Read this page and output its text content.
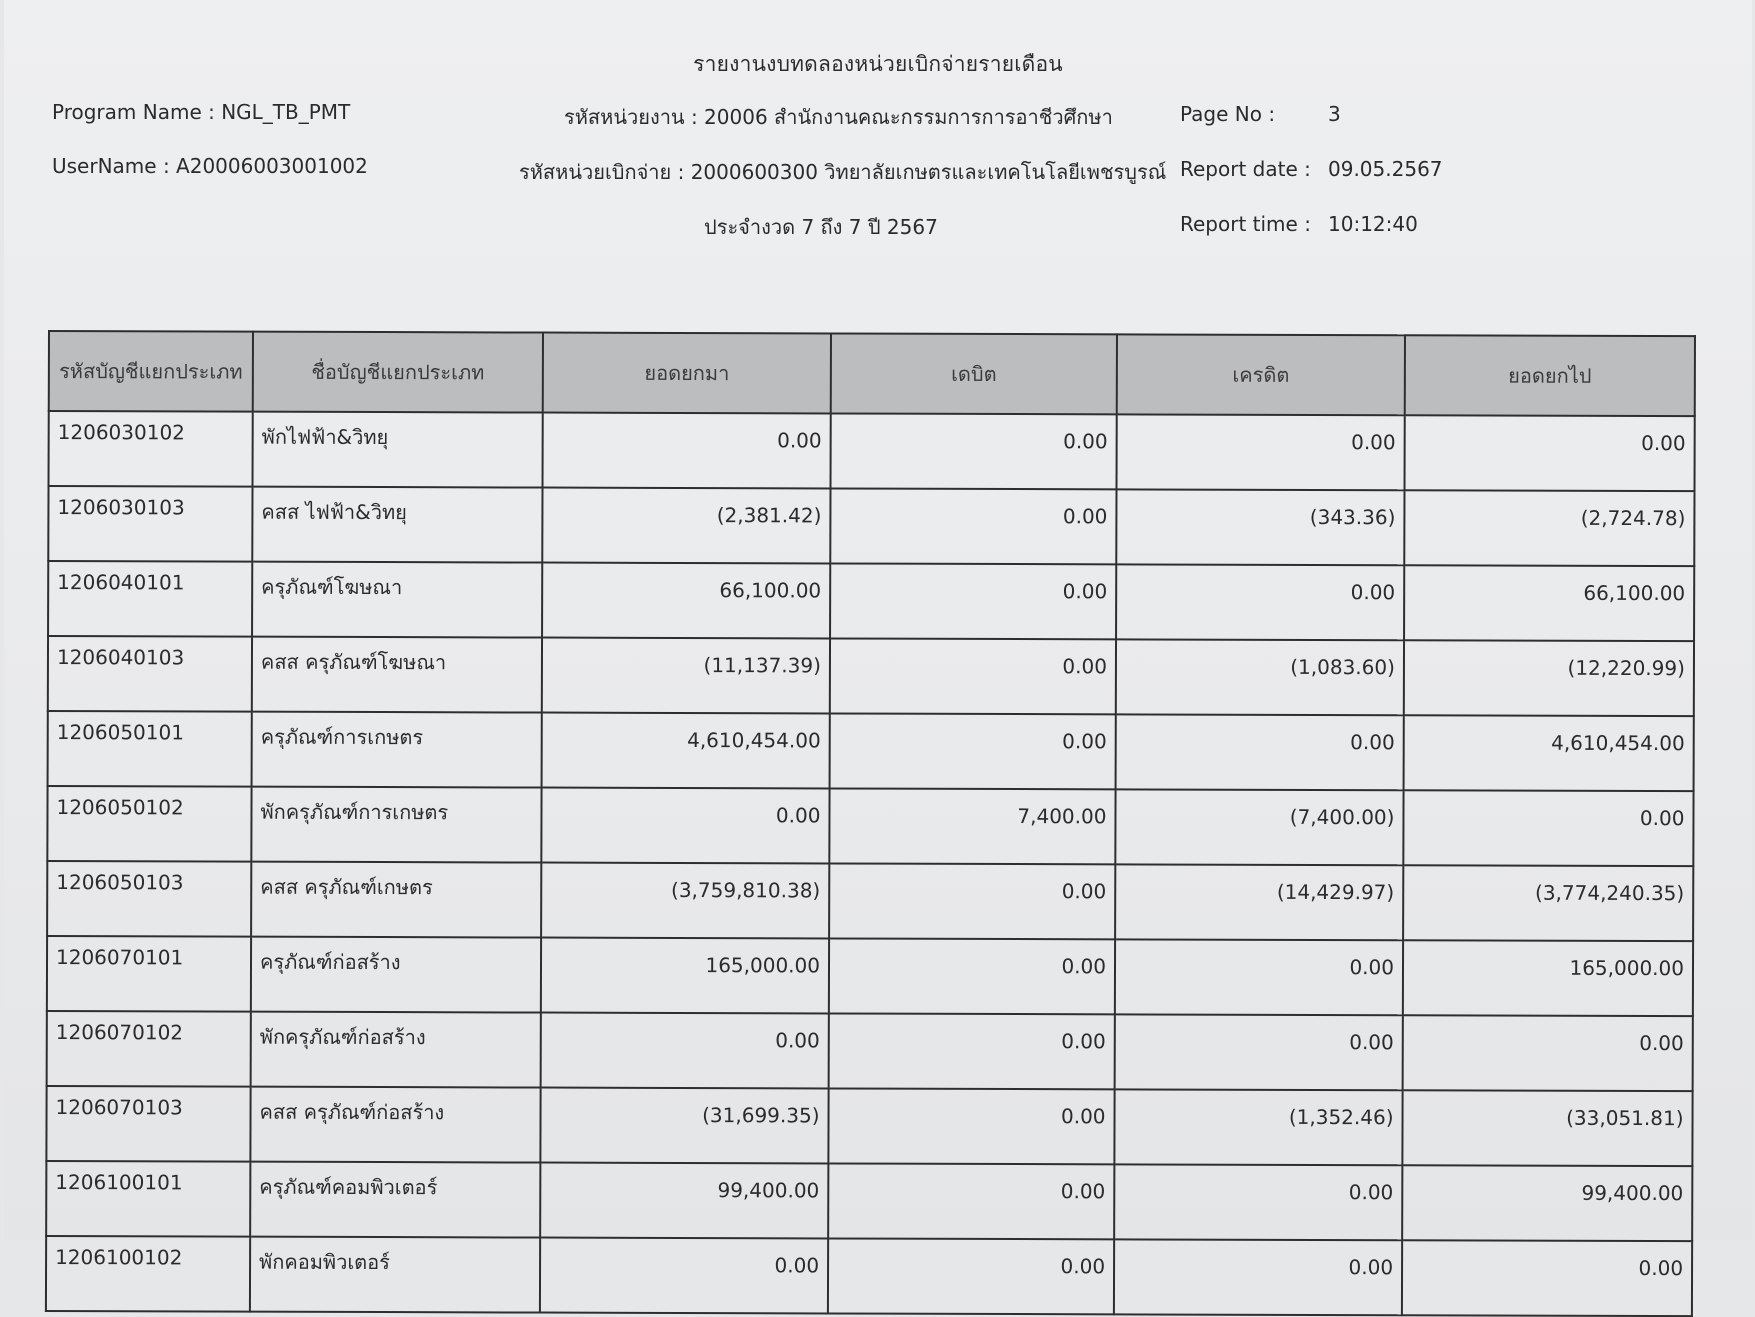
รายงานงบทดลองหน่วยเบิกจ่ายรายเดือน
Program Name : NGL_TB_PMT
UserName : A20006003001002
รหัสหน่วยงาน : 20006 สำนักงานคณะกรรมการการอาชีวศึกษา
รหัสหน่วยเบิกจ่าย : 2000600300 วิทยาลัยเกษตรและเทคโนโลยีเพชรบูรณ์
ประจำงวด 7 ถึง 7 ปี 2567
Page No :	3
Report date : 09.05.2567
Report time : 10:12:40
รหัสบัญชีแยกประเภท	ชื่อบัญชีแยกประเภท	ยอดยกมา	เดบิต	เครดิต	ยอดยกไป
1206030102	พักไฟฟ้า&วิทยุ	0.00	0.00	0.00	0.00
1206030103	คสส ไฟฟ้า&วิทยุ	(2,381.42)	0.00	(343.36)	(2,724.78)
1206040101	ครุภัณฑ์โฆษณา	66,100.00	0.00	0.00	66,100.00
1206040103	คสส ครุภัณฑ์โฆษณา	(11,137.39)	0.00	(1,083.60)	(12,220.99)
1206050101	ครุภัณฑ์การเกษตร	4,610,454.00	0.00	0.00	4,610,454.00
1206050102	พักครุภัณฑ์การเกษตร	0.00	7,400.00	(7,400.00)	0.00
1206050103	คสส ครุภัณฑ์เกษตร	(3,759,810.38)	0.00	(14,429.97)	(3,774,240.35)
1206070101	ครุภัณฑ์ก่อสร้าง	165,000.00	0.00	0.00	165,000.00
1206070102	พักครุภัณฑ์ก่อสร้าง	0.00	0.00	0.00	0.00
1206070103	คสส ครุภัณฑ์ก่อสร้าง	(31,699.35)	0.00	(1,352.46)	(33,051.81)
1206100101	ครุภัณฑ์คอมพิวเตอร์	99,400.00	0.00	0.00	99,400.00
1206100102	พักคอมพิวเตอร์	0.00	0.00	0.00	0.00
